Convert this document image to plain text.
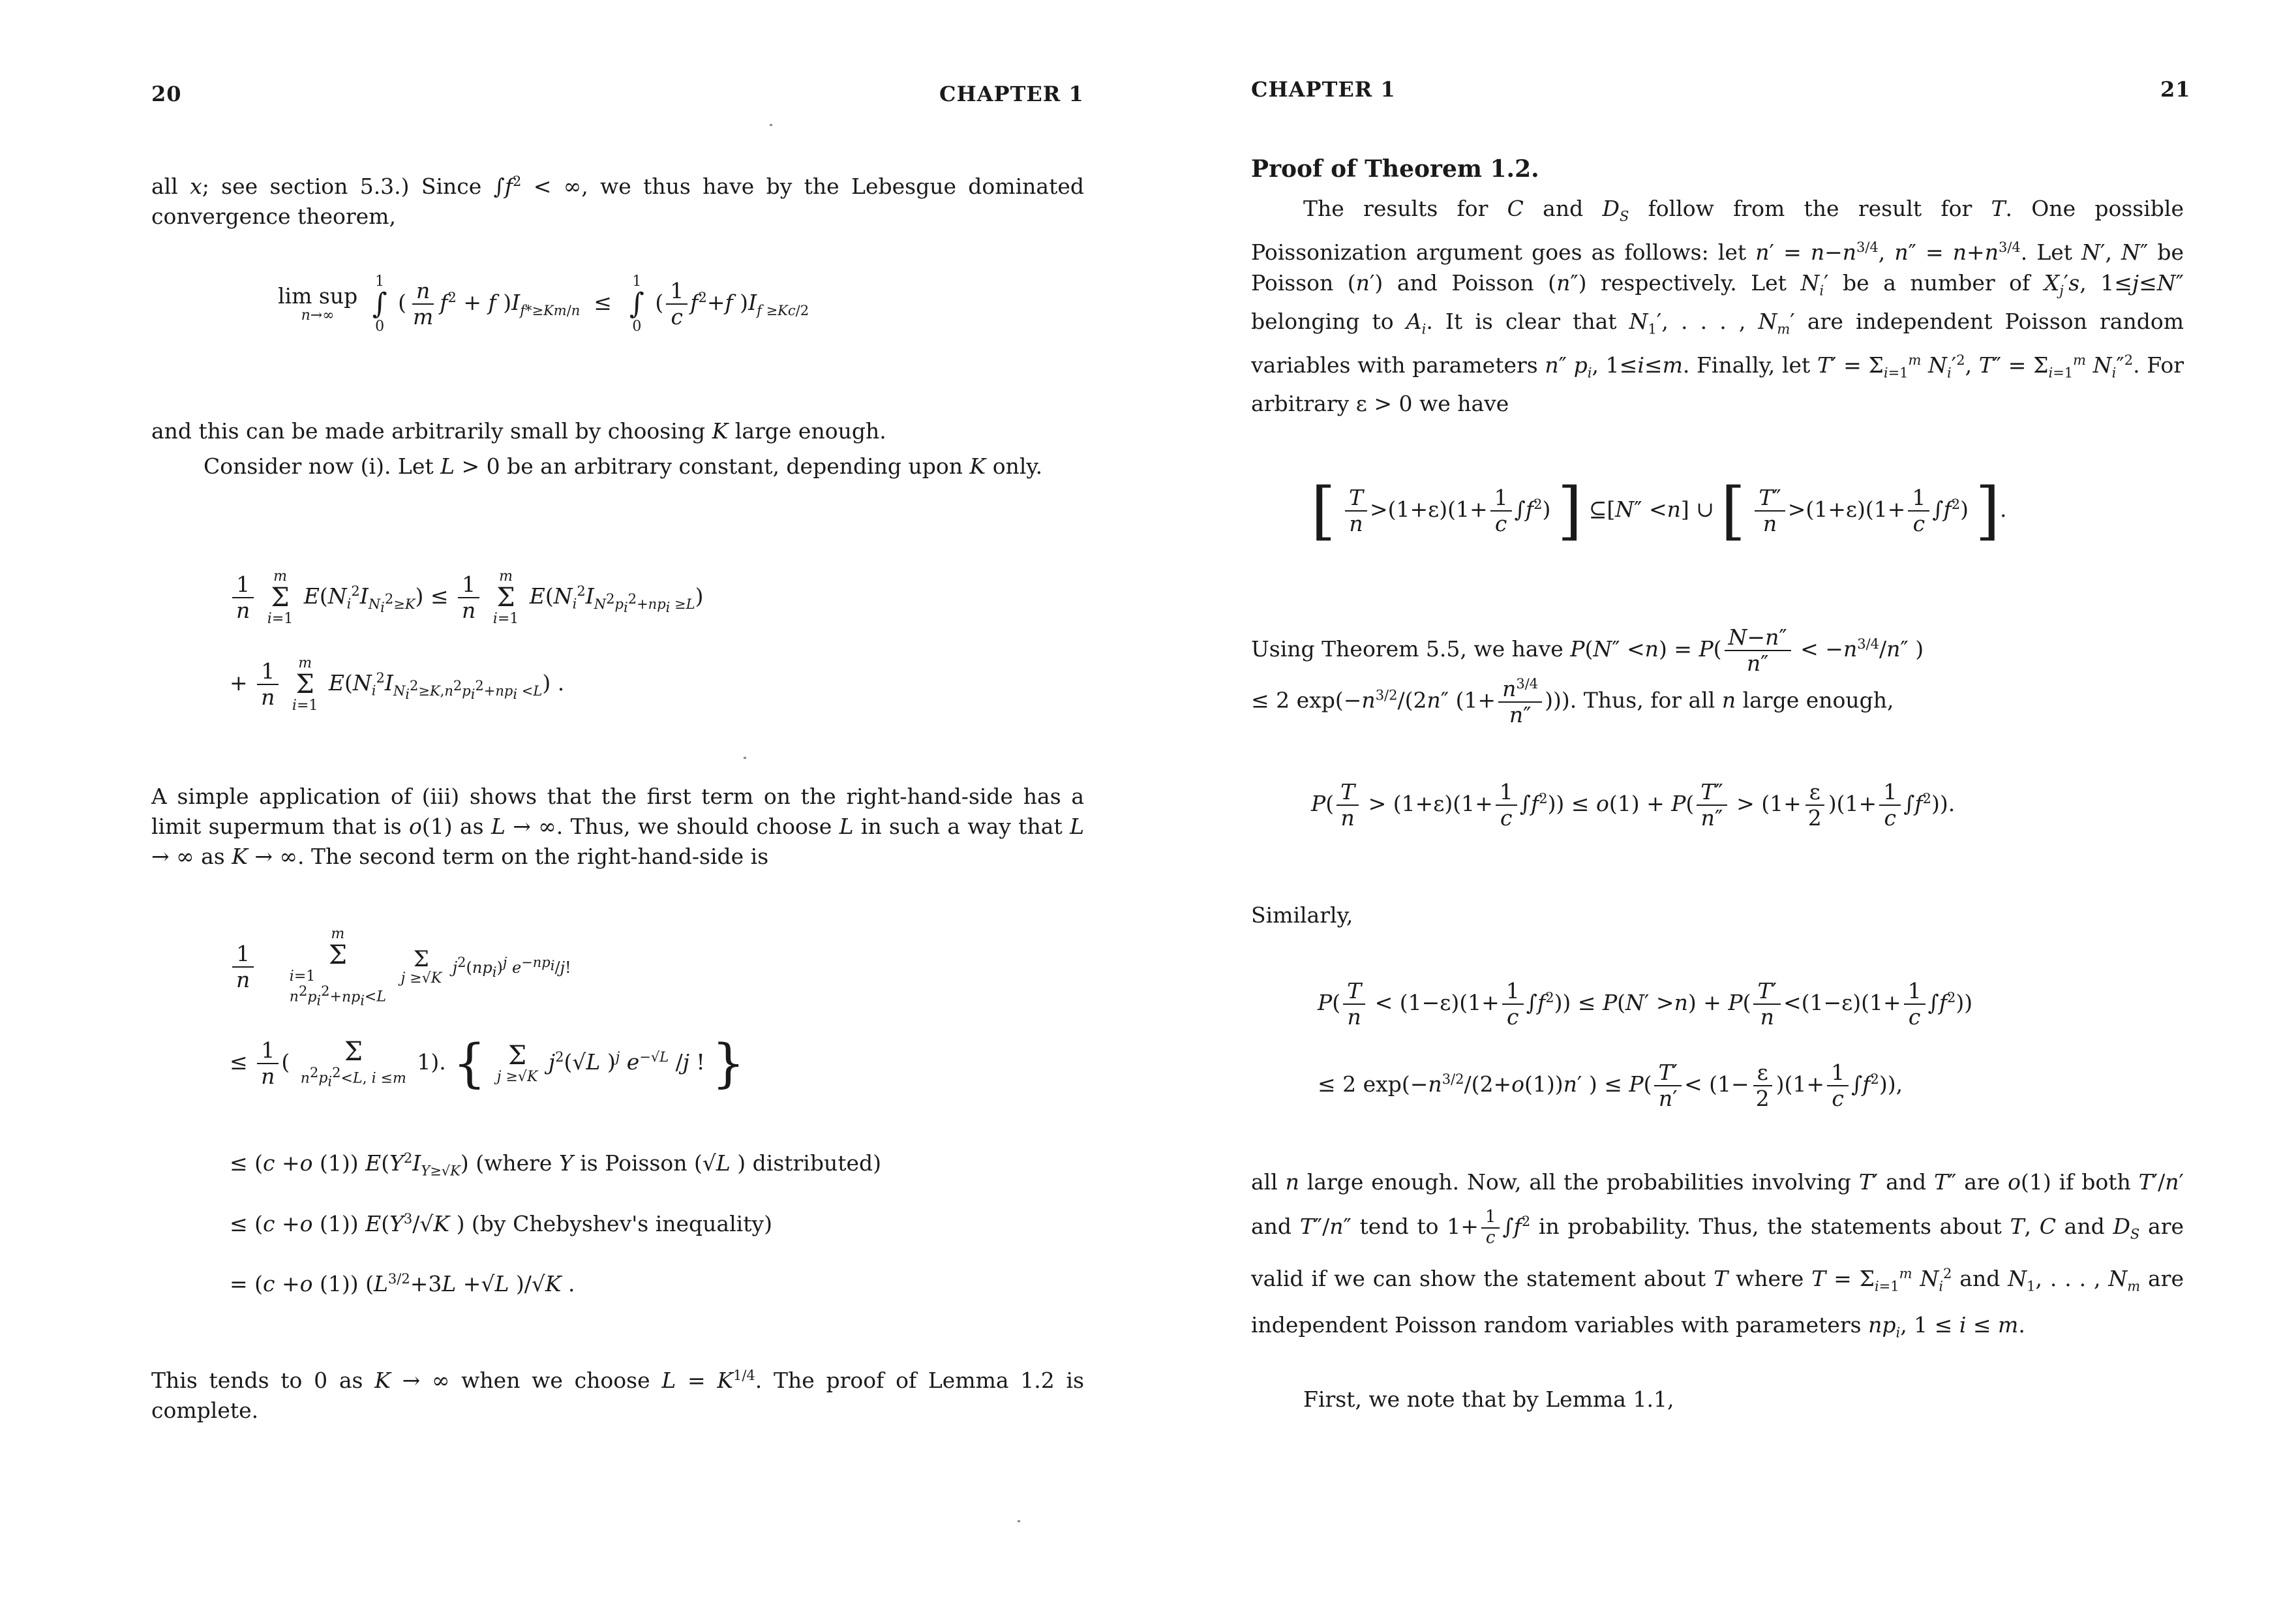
20	CHAPTER 1
all x; see section 5.3.) Since $\int f^2$ < ∞, we thus have by the Lebesgue dominated convergence theorem,
lim sup
n→∞

1
∫
0
( $\frac{n}{m} f^2 + f$ )$I_{f*\ge Km/n}$  ≤
1
∫
0
( $\frac{1}{c} f^2+f$ )$I_{f \ge Kc/2}$
and this can be made arbitrarily small by choosing K large enough.
Consider now (i). Let L > 0 be an arbitrary constant, depending upon K only.
$\frac{1}{n}$
m
Σ
i=1
$E(N_i^2I_{N_i^2\ge K}) \le \frac{1}{n}$
m
Σ
i=1
$E(N_i^2I_{N^2p_i^2+np_i \ge L})$
+ $\frac{1}{n}$
m
Σ
i=1
$E(N_i^2I_{N_i^2\ge K,n^2p_i^2+np_i <L})$ .
A simple application of (iii) shows that the first term on the right-hand-side has a limit supermum that is o(1) as L → ∞. Thus, we should choose L in such a way that L → ∞ as K → ∞. The second term on the right-hand-side is
$\frac{1}{n}$

m
Σ
i=1
$n^2p_i^2+np_i<L$

Σ
j ≥√K
$j^2(np_i)^j$ $e^{-np_i}/j$!
≤ $\frac{1}{n}$ ( Σ
$n^2p_i^2<L$, i ≤m
1). { Σ
j ≥√K
$j^2(√L$ )$^j$ $e^{-√L}$ /j ! }
≤ (c +o (1)) $E(Y^2I_{Y\ge√K})$ (where Y is Poisson (√L ) distributed)
≤ (c +o (1)) $E(Y^3/√K$ ) (by Chebyshev's inequality)
= (c +o (1)) ($L^{3/2}+3L +√L$ )/√K .
This tends to 0 as K → ∞ when we choose $L = K^{1/4}$. The proof of Lemma 1.2 is complete.
CHAPTER 1	21
Proof of Theorem 1.2.
The results for C and $D_S$ follow from the result for T. One possible Poissonization argument goes as follows: let $n' = n-n^{3/4}$, $n'' = n+n^{3/4}$. Let N′, N″ be Poisson (n′) and Poisson (n″) respectively. Let $N_i'$ be a number of $X_j's$, 1≤j≤N″ belonging to $A_i$. It is clear that $N_1'$, . . . , $N_m'$ are independent Poisson random variables with parameters n″ $p_i$, 1≤i≤m. Finally, let $T' = \Sigma_{i=1}^m$ $N_i'^2$, $T'' = \Sigma_{i=1}^m$ $N_i''^2$. For arbitrary ε > 0 we have
[ $\frac{T}{n} >(1+\varepsilon)(1+ \frac{1}{c} \int f^2)$ ] ⊆[N″ <n] ∪ [ $\frac{T''}{n} >(1+\varepsilon)(1+ \frac{1}{c} \int f^2)$ ].
Using Theorem 5.5, we have $P(N'' <n) = P( \frac{N-n''}{n''} < -n^{3/4}/n''$ )
≤ 2 $\exp(-n^{3/2}/(2n''$ ($1+ \frac{n^{3/4}}{n''}$ ))). Thus, for all n large enough,
$P( \frac{T}{n} > (1+\varepsilon)(1+ \frac{1}{c} \int f^2)) \le o(1) + P( \frac{T''}{n''} > (1+ \frac{\varepsilon}{2} )(1+ \frac{1}{c} \int f^2))$.
Similarly,
$P( \frac{T}{n} < (1-\varepsilon)(1+ \frac{1}{c} \int f^2)) \le P(N' >n) + P( \frac{T'}{n} <(1-\varepsilon)(1+ \frac{1}{c} \int f^2))$
≤ 2 $\exp(-n^{3/2}/(2+o(1))n'$ ) ≤ $P( \frac{T'}{n'} < (1- \frac{\varepsilon}{2} )(1+ \frac{1}{c} \int f^2))$,
all n large enough. Now, all the probabilities involving T′ and T″ are o(1) if both T′/n′ and T″/n″ tend to $1+ \frac{1}{c} \int f^2$ in probability. Thus, the statements about T, C and $D_S$ are valid if we can show the statement about T where $T = \Sigma_{i=1}^m$ $N_i^2$ and $N_1$, . . . , $N_m$ are independent Poisson random variables with parameters $np_i$, 1 ≤ i ≤ m.
First, we note that by Lemma 1.1,
